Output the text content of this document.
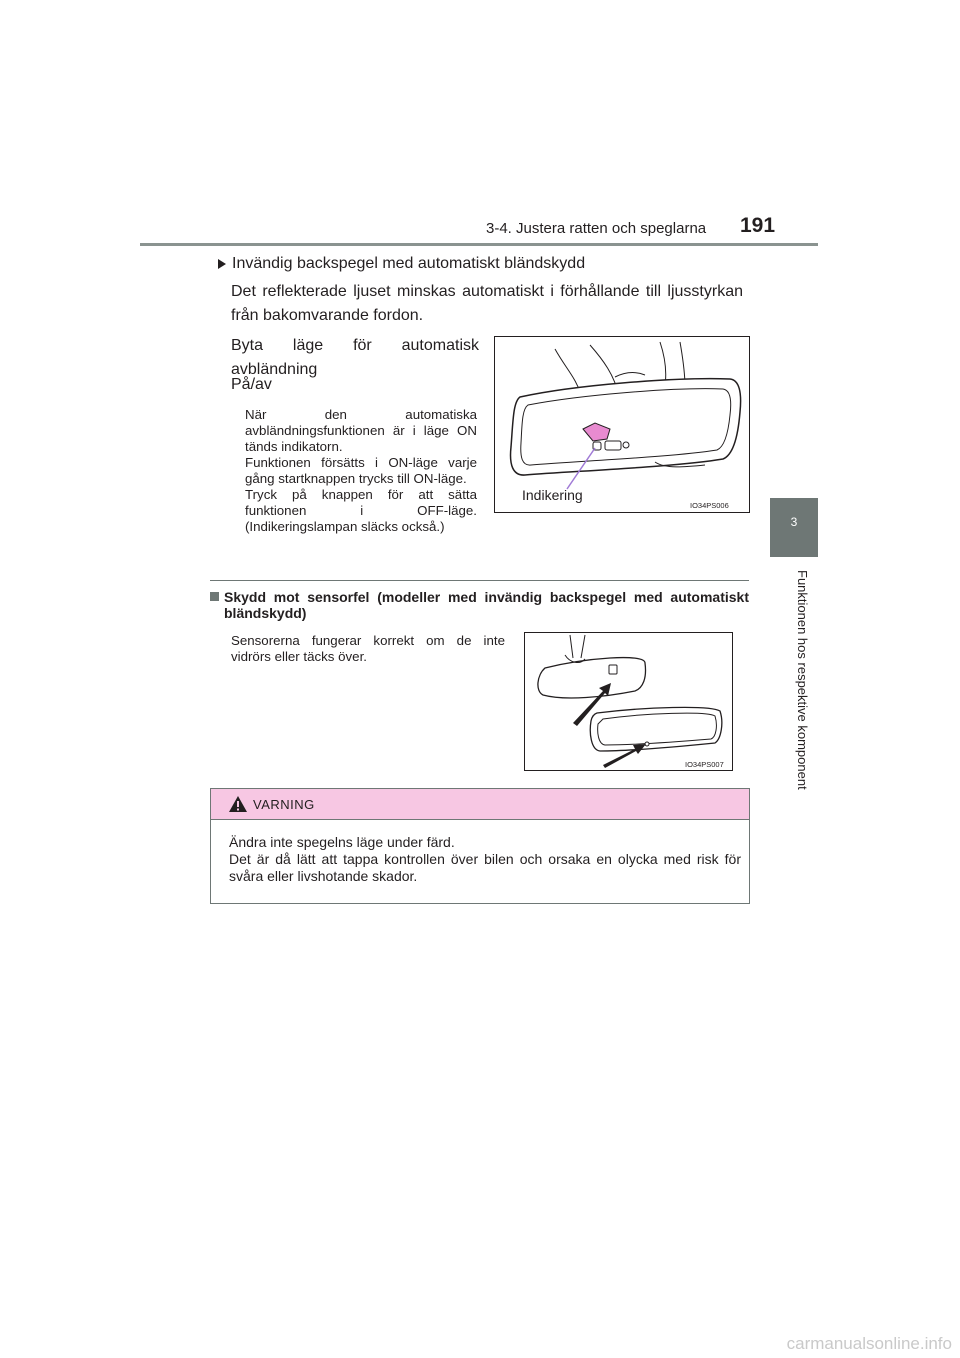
3-4. Justera ratten och speglarna 191
3
Funktionen hos respektive komponent
Invändig backspegel med automatiskt bländskydd
Det reflekterade ljuset minskas automatiskt i förhållande till ljusstyrkan från bakomvarande fordon.
Byta läge för automatisk avbländning
På/av
När den automatiska avbländningsfunktionen är i läge ON tänds indikatorn.
Funktionen försätts i ON-läge varje gång startknappen trycks till ON-läge.
Tryck på knappen för att sätta funktionen i OFF-läge. (Indikeringslampan släcks också.)
Indikering
IO34PS006
Skydd mot sensorfel (modeller med invändig backspegel med automatiskt bländskydd)
Sensorerna fungerar korrekt om de inte vidrörs eller täcks över.
IO34PS007
VARNING
Ändra inte spegelns läge under färd.
Det är då lätt att tappa kontrollen över bilen och orsaka en olycka med risk för svåra eller livshotande skador.
carmanualsonline.info
